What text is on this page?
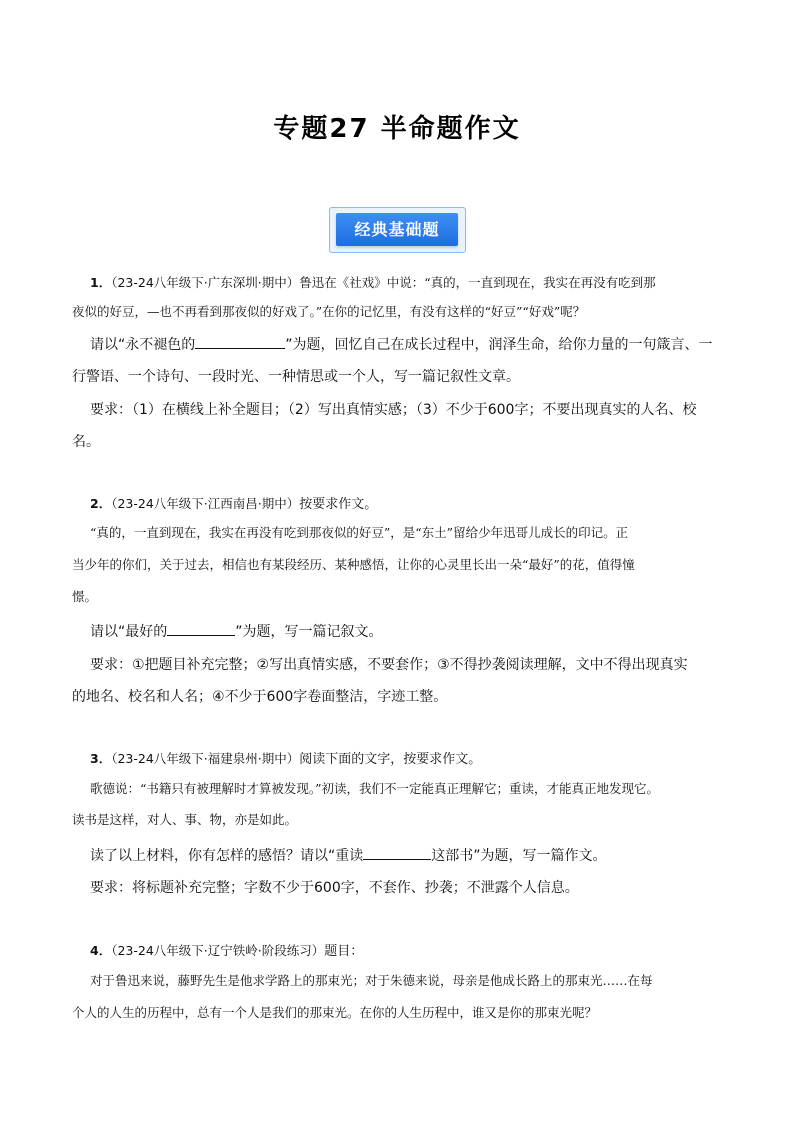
专题27 半命题作文
经典基础题
1．（23-24八年级下·广东深圳·期中）鲁迅在《社戏》中说：“真的，一直到现在，我实在再没有吃到那
夜似的好豆，—也不再看到那夜似的好戏了。”在你的记忆里，有没有这样的“好豆”“好戏”呢？
请以“永不褪色的	”为题，回忆自己在成长过程中，润泽生命，给你力量的一句箴言、一
行警语、一个诗句、一段时光、一种情思或一个人，写一篇记叙性文章。
要求：（1）在横线上补全题目；（2）写出真情实感；（3）不少于600字；不要出现真实的人名、校
名。
2．（23-24八年级下·江西南昌·期中）按要求作文。
“真的，一直到现在，我实在再没有吃到那夜似的好豆”，是“东土”留给少年迅哥儿成长的印记。正
当少年的你们，关于过去，相信也有某段经历、某种感悟，让你的心灵里长出一朵“最好”的花，值得憧
憬。
请以“最好的	”为题，写一篇记叙文。
要求：①把题目补充完整；②写出真情实感，不要套作；③不得抄袭阅读理解，文中不得出现真实
的地名、校名和人名；④不少于600字卷面整洁，字迹工整。
3．（23-24八年级下·福建泉州·期中）阅读下面的文字，按要求作文。
歌德说：“书籍只有被理解时才算被发现。”初读，我们不一定能真正理解它；重读，才能真正地发现它。
读书是这样，对人、事、物，亦是如此。
读了以上材料，你有怎样的感悟？请以“重读	这部书”为题，写一篇作文。
要求：将标题补充完整；字数不少于600字，不套作、抄袭；不泄露个人信息。
4．（23-24八年级下·辽宁铁岭·阶段练习）题目：
对于鲁迅来说，藤野先生是他求学路上的那束光；对于朱德来说，母亲是他成长路上的那束光……在每
个人的人生的历程中，总有一个人是我们的那束光。在你的人生历程中，谁又是你的那束光呢？
